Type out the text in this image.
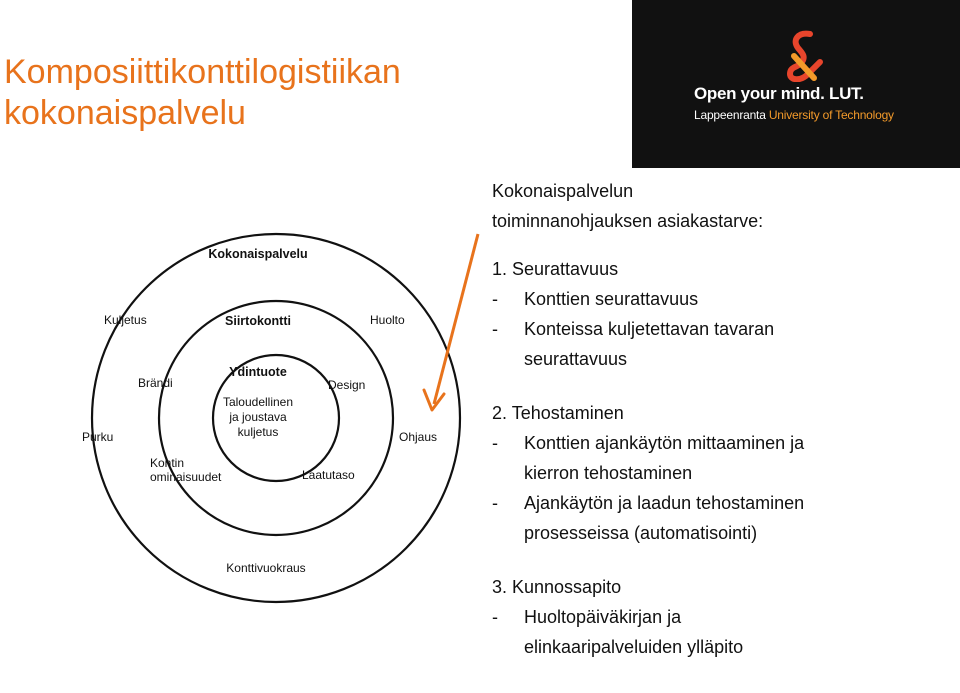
Komposiittikonttilogistiikan
kokonaispalvelu
Open your mind. LUT.
Lappeenranta University of Technology
Kokonaispalvelu
Siirtokontti
Ydintuote
Taloudellinen
ja joustava
kuljetus
Kuljetus	Huolto
Purku	Ohjaus
Konttivuokraus
Brändi	Design
Laatutaso
Kontin
ominaisuudet

Kokonaispalvelun
toiminnanohjauksen asiakastarve:

1. Seurattavuus
- Konttien seurattavuus
- Konteissa kuljetettavan tavaran
seurattavuus
2. Tehostaminen
- Konttien ajankäytön mittaaminen ja
kierron tehostaminen
- Ajankäytön ja laadun tehostaminen
prosesseissa (automatisointi)
3. Kunnossapito
- Huoltopäiväkirjan ja
elinkaaripalveluiden ylläpito
